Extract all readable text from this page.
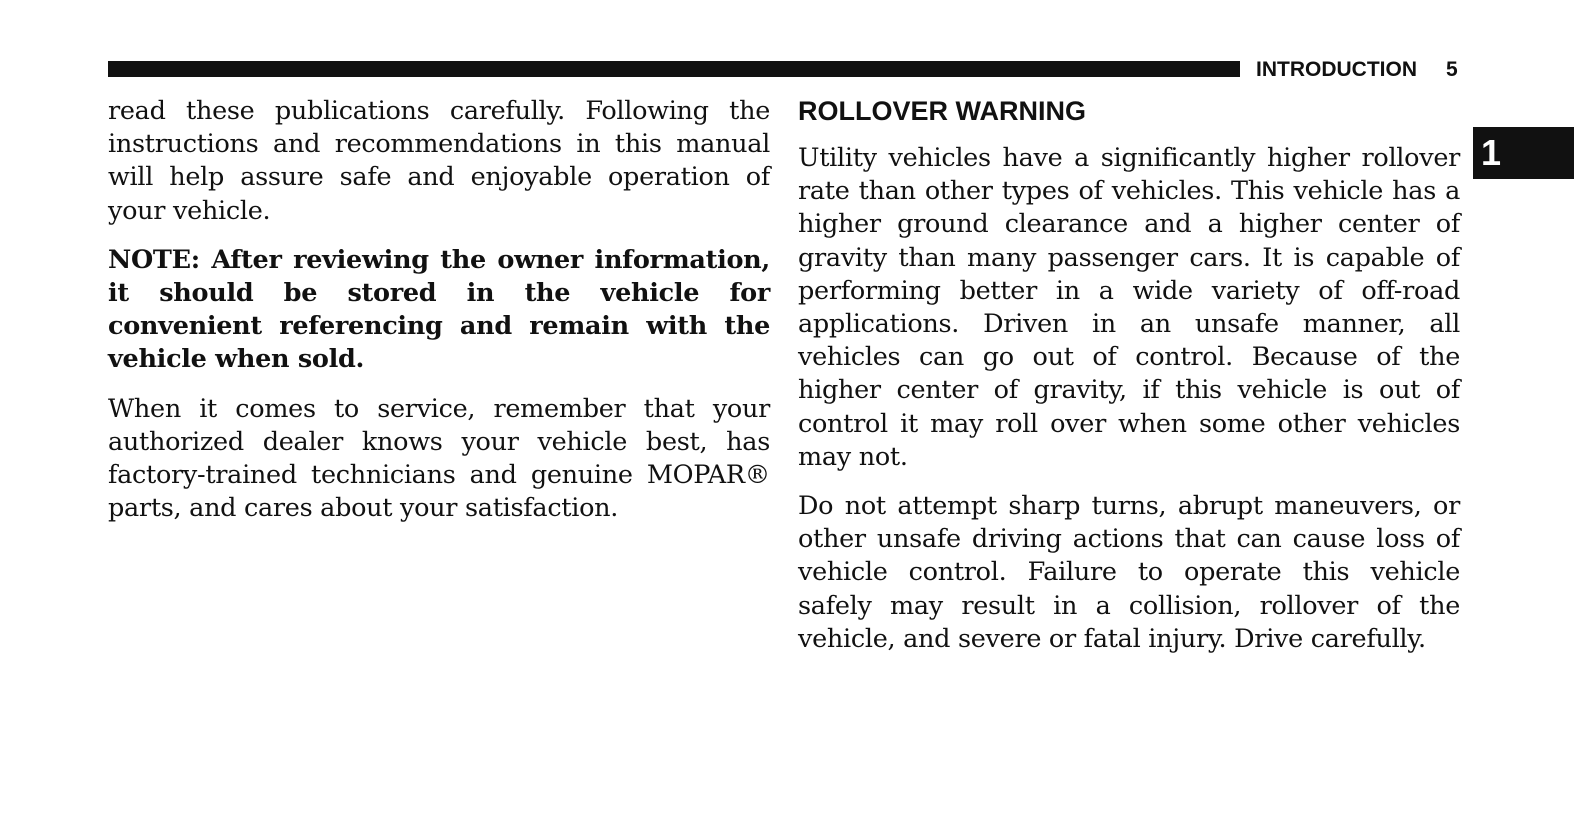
INTRODUCTION 5
1

read these publications carefully. Following the instructions and recommendations in this manual will help assure safe and enjoyable operation of your vehicle.

NOTE: After reviewing the owner information, it should be stored in the vehicle for convenient referencing and remain with the vehicle when sold.

When it comes to service, remember that your authorized dealer knows your vehicle best, has factory-trained technicians and genuine MOPAR® parts, and cares about your satisfaction.

ROLLOVER WARNING

Utility vehicles have a significantly higher rollover rate than other types of vehicles. This vehicle has a higher ground clearance and a higher center of gravity than many passenger cars. It is capable of performing better in a wide variety of off-road applications. Driven in an unsafe manner, all vehicles can go out of control. Because of the higher center of gravity, if this vehicle is out of control it may roll over when some other vehicles may not.

Do not attempt sharp turns, abrupt maneuvers, or other unsafe driving actions that can cause loss of vehicle control. Failure to operate this vehicle safely may result in a collision, rollover of the vehicle, and severe or fatal injury. Drive carefully.
